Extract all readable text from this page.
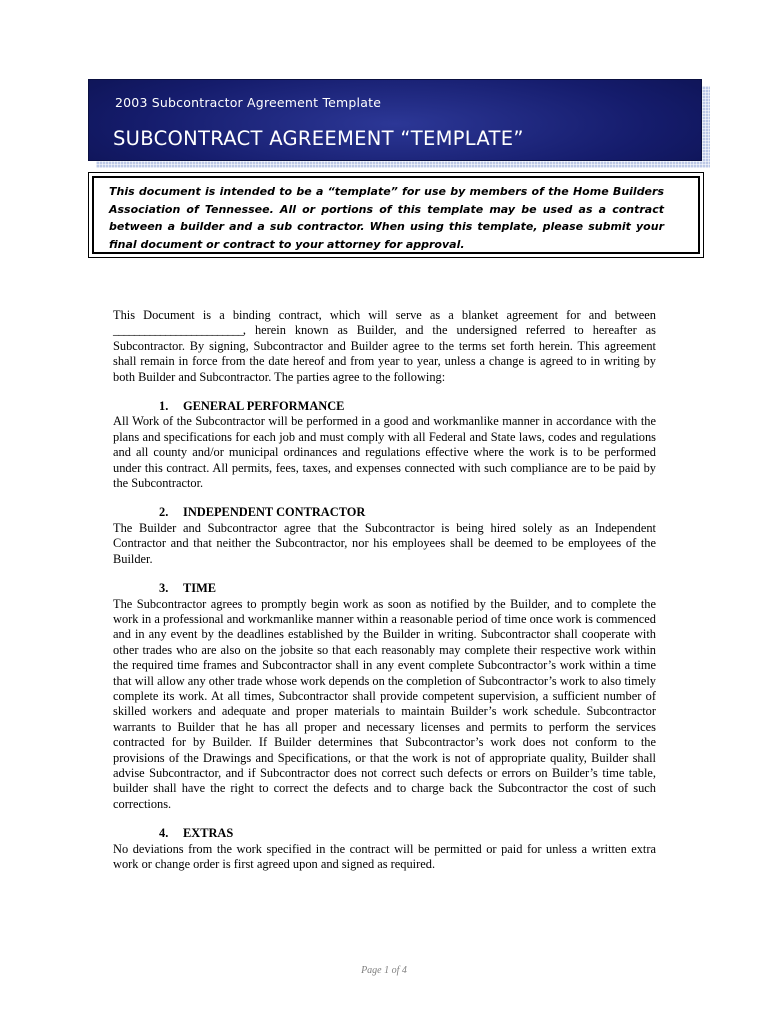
2003 Subcontractor Agreement Template
SUBCONTRACT AGREEMENT “TEMPLATE”

This document is intended to be a “template” for use by members of the Home Builders Association of Tennessee. All or portions of this template may be used as a contract between a builder and a sub contractor. When using this template, please submit your final document or contract to your attorney for approval.

This Document is a binding contract, which will serve as a blanket agreement for and between _________________________, herein known as Builder, and the undersigned referred to hereafter as Subcontractor. By signing, Subcontractor and Builder agree to the terms set forth herein. This agreement shall remain in force from the date hereof and from year to year, unless a change is agreed to in writing by both Builder and Subcontractor. The parties agree to the following:

1. GENERAL PERFORMANCE

All Work of the Subcontractor will be performed in a good and workmanlike manner in accordance with the plans and specifications for each job and must comply with all Federal and State laws, codes and regulations and all county and/or municipal ordinances and regulations effective where the work is to be performed under this contract. All permits, fees, taxes, and expenses connected with such compliance are to be paid by the Subcontractor.

2. INDEPENDENT CONTRACTOR

The Builder and Subcontractor agree that the Subcontractor is being hired solely as an Independent Contractor and that neither the Subcontractor, nor his employees shall be deemed to be employees of the Builder.

3. TIME

The Subcontractor agrees to promptly begin work as soon as notified by the Builder, and to complete the work in a professional and workmanlike manner within a reasonable period of time once work is commenced and in any event by the deadlines established by the Builder in writing. Subcontractor shall cooperate with other trades who are also on the jobsite so that each reasonably may complete their respective work within the required time frames and Subcontractor shall in any event complete Subcontractor’s work within a time that will allow any other trade whose work depends on the completion of Subcontractor’s work to also timely complete its work. At all times, Subcontractor shall provide competent supervision, a sufficient number of skilled workers and adequate and proper materials to maintain Builder’s work schedule. Subcontractor warrants to Builder that he has all proper and necessary licenses and permits to perform the services contracted for by Builder. If Builder determines that Subcontractor’s work does not conform to the provisions of the Drawings and Specifications, or that the work is not of appropriate quality, Builder shall advise Subcontractor, and if Subcontractor does not correct such defects or errors on Builder’s time table, builder shall have the right to correct the defects and to charge back the Subcontractor the cost of such corrections.

4. EXTRAS

No deviations from the work specified in the contract will be permitted or paid for unless a written extra work or change order is first agreed upon and signed as required.

Page 1 of 4
